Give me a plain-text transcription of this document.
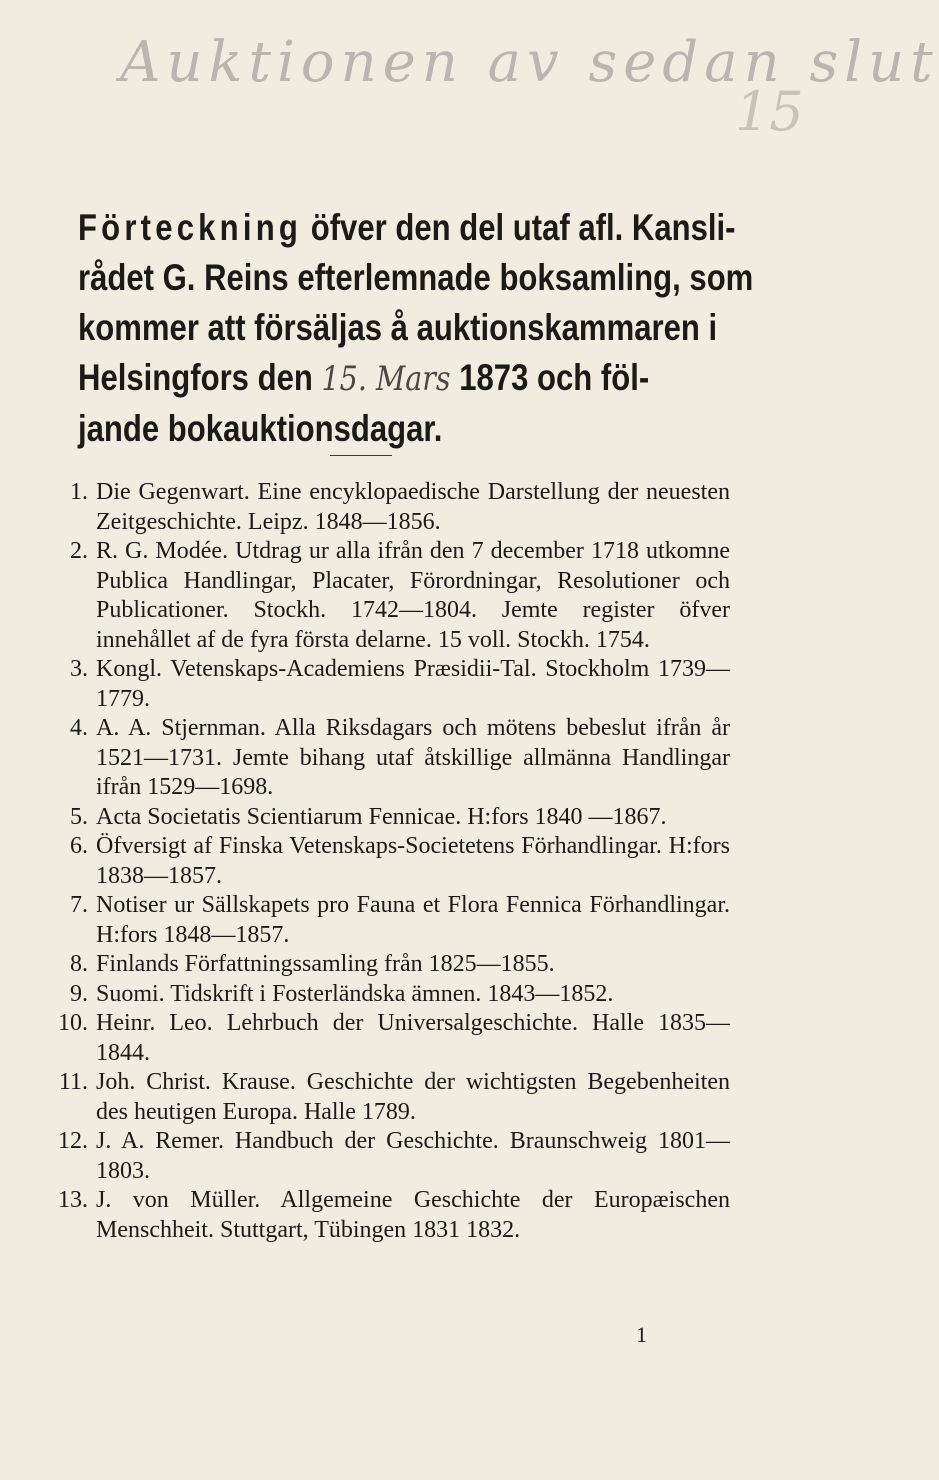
Auktionen av sedan slut
15
Förteckning öfver den del utaf afl. Kansli-
rådet G. Reins efterlemnade boksamling, som
kommer att försäljas å auktionskammaren i
Helsingfors den 15. Mars 1873 och föl-
jande bokauktionsdagar.
1. Die Gegenwart. Eine encyklopaedische Darstellung der neuesten Zeitgeschichte. Leipz. 1848—1856.
2. R. G. Modée. Utdrag ur alla ifrån den 7 december 1718 utkomne Publica Handlingar, Placater, Förordningar, Resolutioner och Publicationer. Stockh. 1742—1804. Jemte register öfver innehållet af de fyra första delarne. 15 voll. Stockh. 1754.
3. Kongl. Vetenskaps-Academiens Præsidii-Tal. Stockholm 1739—1779.
4. A. A. Stjernman. Alla Riksdagars och mötens bebeslut ifrån år 1521—1731. Jemte bihang utaf åtskillige allmänna Handlingar ifrån 1529—1698.
5. Acta Societatis Scientiarum Fennicae. H:fors 1840 —1867.
6. Öfversigt af Finska Vetenskaps-Societetens Förhandlingar. H:fors 1838—1857.
7. Notiser ur Sällskapets pro Fauna et Flora Fennica Förhandlingar. H:fors 1848—1857.
8. Finlands Författningssamling från 1825—1855.
9. Suomi. Tidskrift i Fosterländska ämnen. 1843—1852.
10. Heinr. Leo. Lehrbuch der Universalgeschichte. Halle 1835—1844.
11. Joh. Christ. Krause. Geschichte der wichtigsten Begebenheiten des heutigen Europa. Halle 1789.
12. J. A. Remer. Handbuch der Geschichte. Braunschweig 1801—1803.
13. J. von Müller. Allgemeine Geschichte der Europæischen Menschheit. Stuttgart, Tübingen 1831 1832.
1
